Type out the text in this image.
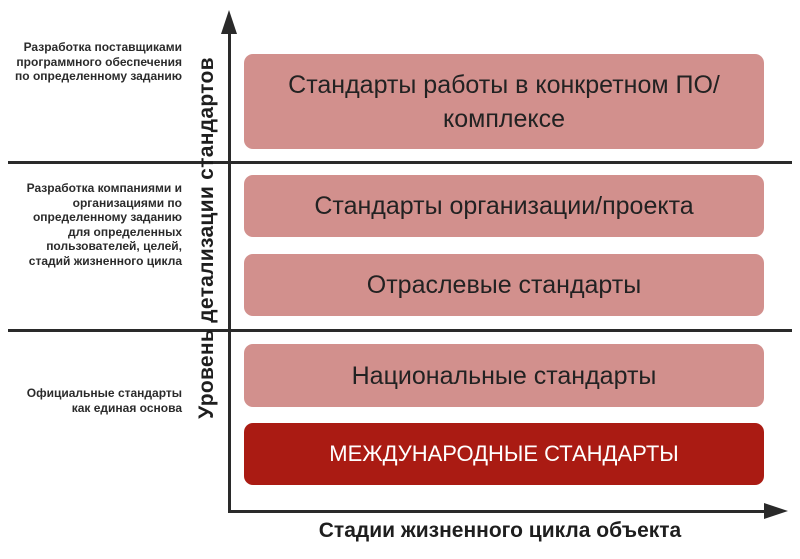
Разработка поставщиками программного обеспечения по определенному заданию
Разработка компаниями и организациями по определенному заданию для определенных пользователей, целей, стадий жизненного цикла
Официальные стандарты как единая основа Уровень детализации стандартов
Стадии жизненного цикла объекта
Стандарты работы в конкретном ПО/комплексе
Стандарты организации/проекта
Отраслевые стандарты
Национальные стандарты
МЕЖДУНАРОДНЫЕ СТАНДАРТЫ
